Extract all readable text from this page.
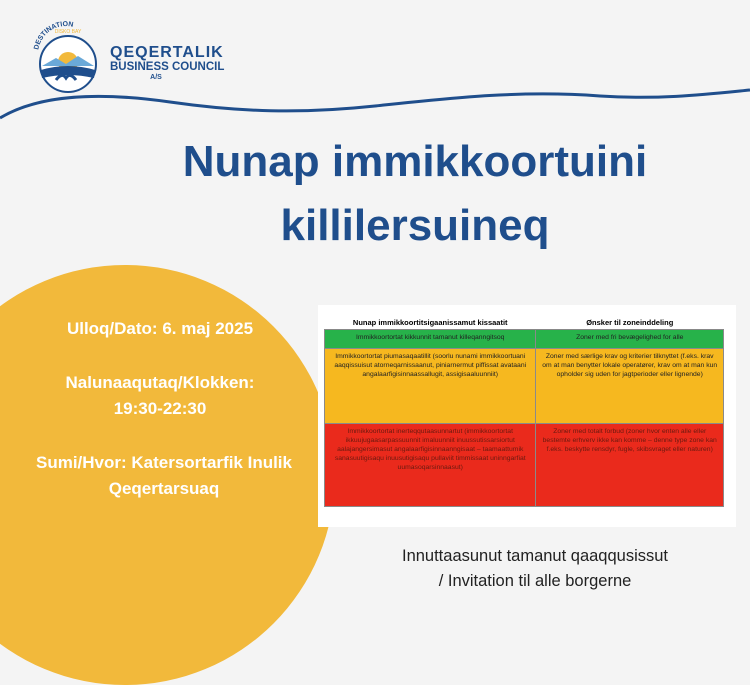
DESTINATION
DISKO BAY
QEQERTALIK
BUSINESS COUNCIL
A/S
Nunap immikkoortuini
killilersuineq
Ulloq/Dato: 6. maj 2025
Nalunaaqutaq/Klokken:
19:30-22:30
Sumi/Hvor: Katersortarfik Inulik
Qeqertarsuaq
Nunap immikkoortitsigaanissamut kissaatit	Ønsker til zoneinddeling
Immikkoortortat kikkunnit tamanut killeqanngitsoq	Zoner med fri bevægelighed for alle
Immikkoortortat piumasaqaatillit (soorlu nunami immikkoortuani aaqqissuisut atorneqarnissaanut, piniarnermut piffissat avataani angalaarfigisinnaassallugit, assigisaaluunniit)	Zoner med særlige krav og kriterier tilknyttet (f.eks. krav om at man benytter lokale operatører, krav om at man kun opholder sig uden for jagtperioder eller lignende)
Immikkoortortat inerteqqutaasunnartut (immikkoortortat ikkuujugaasarpassuunnit imaluunniit inuussutissarsiortut aalajangersimasut angalaarfigisinnaanngisaat – taamaattumik sanasuutigisaqu inuusutigisaqu pullaviit timmissaat uninngarfiat uumasoqarsinnaasut)	Zoner med totalt forbud (zoner hvor enten alle eller bestemte erhverv ikke kan komme – denne type zone kan f.eks. beskytte rensdyr, fugle, skibsvraget eller naturen)
Innuttaasunut tamanut qaaqqusissut
/ Invitation til alle borgerne
